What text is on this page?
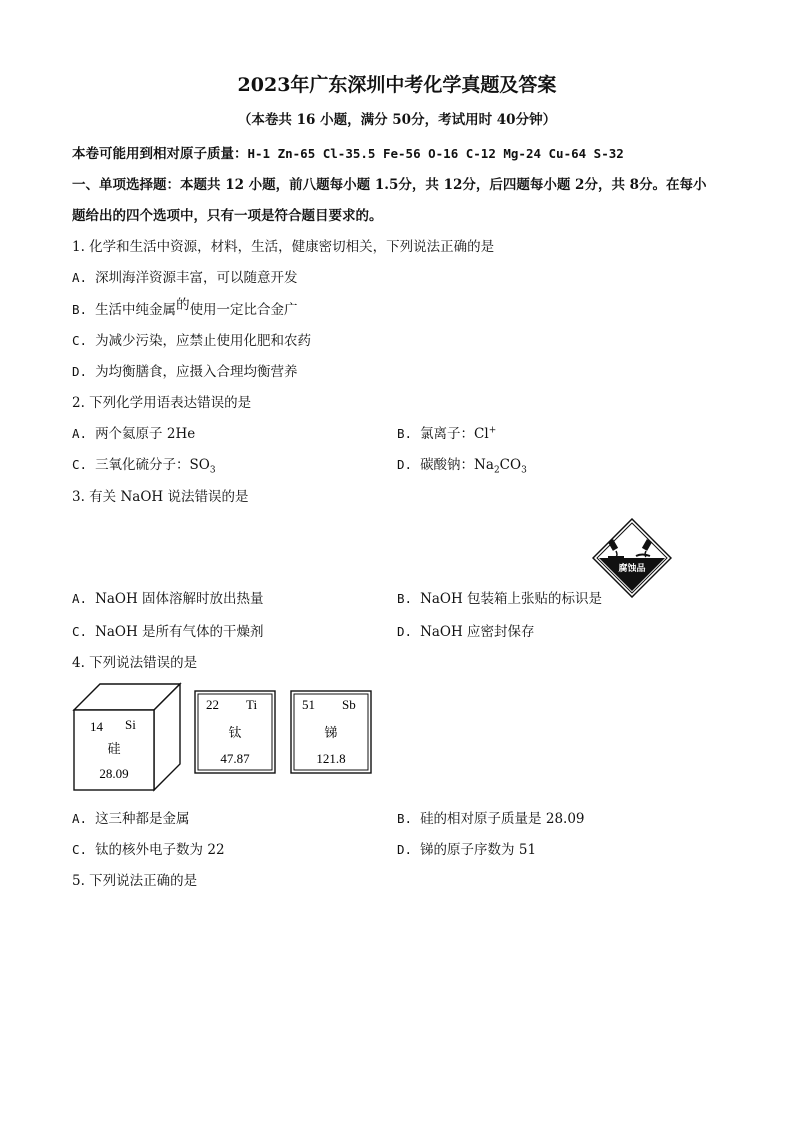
2023年广东深圳中考化学真题及答案
（本卷共 16 小题，满分 50分，考试用时 40分钟）
本卷可能用到相对原子质量：H-1 Zn-65 Cl-35.5 Fe-56 O-16 C-12 Mg-24 Cu-64 S-32
一、单项选择题：本题共 12 小题，前八题每小题 1.5分，共 12分，后四题每小题 2分，共 8分。在每小
题给出的四个选项中，只有一项是符合题目要求的。
1. 化学和生活中资源，材料，生活，健康密切相关，下列说法正确的是
A. 深圳海洋资源丰富，可以随意开发
B. 生活中纯金属的使用一定比合金广
C. 为减少污染，应禁止使用化肥和农药
D. 为均衡膳食，应摄入合理均衡营养
2. 下列化学用语表达错误的是
A. 两个氦原子 2He	B. 氯离子：Cl+
C. 三氧化硫分子：$SO_3$	D. 碳酸钠：$Na_2CO_3$
3. 有关 NaOH 说法错误的是
腐蚀品
A. NaOH 固体溶解时放出热量	B. NaOH 包装箱上张贴的标识是
C. NaOH 是所有气体的干燥剂	D. NaOH 应密封保存
4. 下列说法错误的是
14 Si
硅
28.09
22 Ti
钛
47.87
51 Sb
锑
121.8
A. 这三种都是金属	B. 硅的相对原子质量是 28.09
C. 钛的核外电子数为 22	D. 锑的原子序数为 51
5. 下列说法正确的是
